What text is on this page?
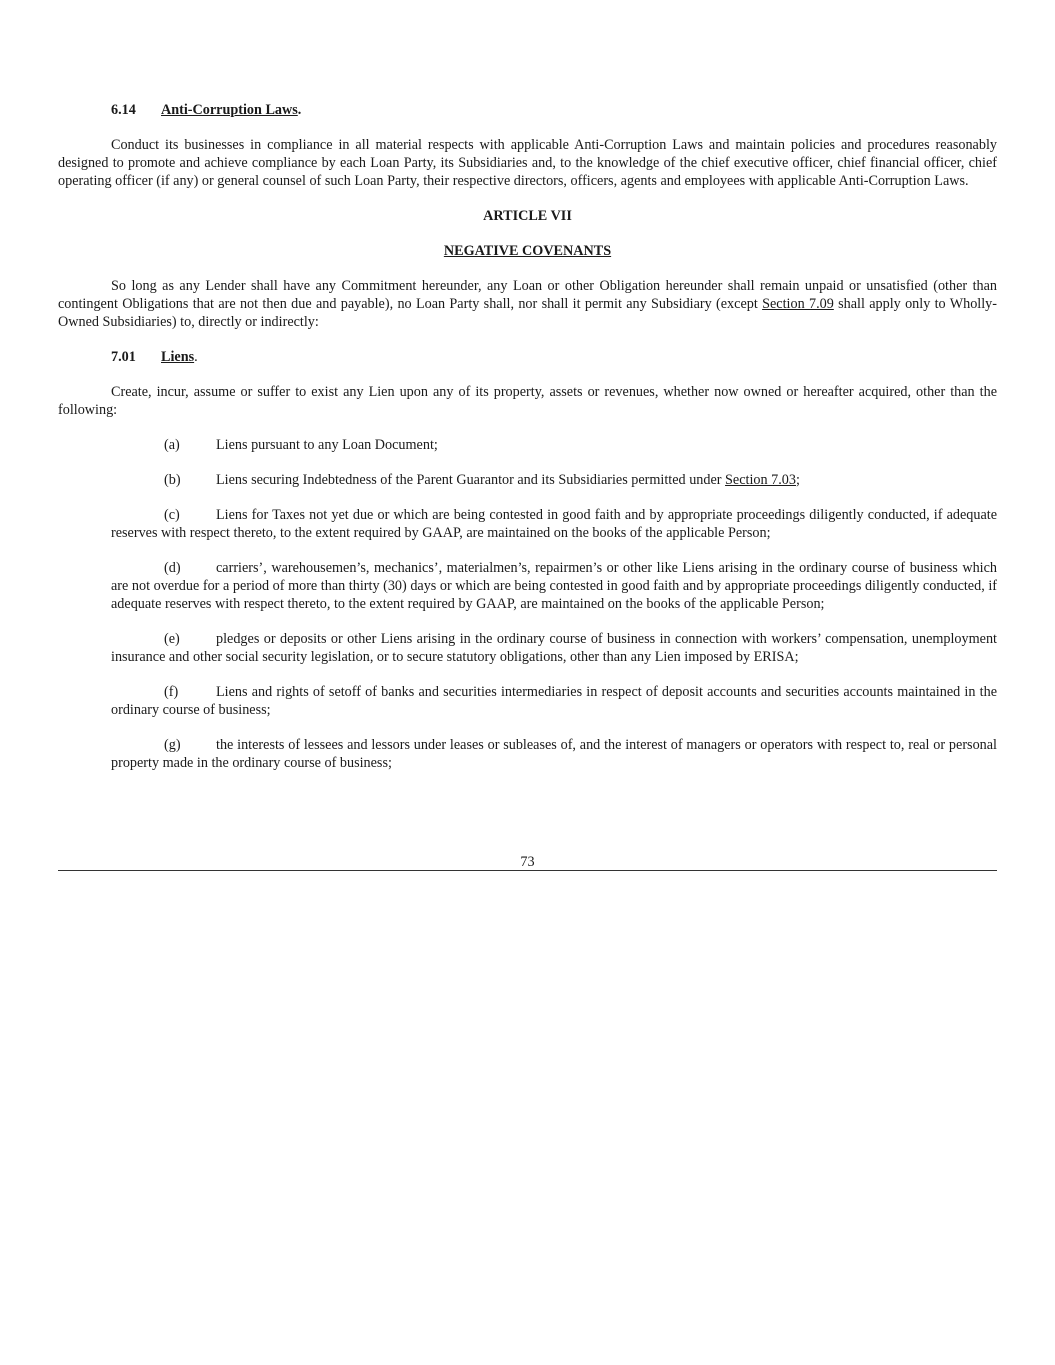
6.14 Anti-Corruption Laws.

Conduct its businesses in compliance in all material respects with applicable Anti-Corruption Laws and maintain policies and procedures reasonably designed to promote and achieve compliance by each Loan Party, its Subsidiaries and, to the knowledge of the chief executive officer, chief financial officer, chief operating officer (if any) or general counsel of such Loan Party, their respective directors, officers, agents and employees with applicable Anti-Corruption Laws.

ARTICLE VII

NEGATIVE COVENANTS

So long as any Lender shall have any Commitment hereunder, any Loan or other Obligation hereunder shall remain unpaid or unsatisfied (other than contingent Obligations that are not then due and payable), no Loan Party shall, nor shall it permit any Subsidiary (except Section 7.09 shall apply only to Wholly-Owned Subsidiaries) to, directly or indirectly:

7.01 Liens.

Create, incur, assume or suffer to exist any Lien upon any of its property, assets or revenues, whether now owned or hereafter acquired, other than the following:

(a)	Liens pursuant to any Loan Document;

(b) Liens securing Indebtedness of the Parent Guarantor and its Subsidiaries permitted under Section 7.03;

(c)	Liens for Taxes not yet due or which are being contested in good faith and by appropriate proceedings diligently conducted, if adequate reserves with respect thereto, to the extent required by GAAP, are maintained on the books of the applicable Person;

(d) carriers’, warehousemen’s, mechanics’, materialmen’s, repairmen’s or other like Liens arising in the ordinary course of business which are not overdue for a period of more than thirty (30) days or which are being contested in good faith and by appropriate proceedings diligently conducted, if adequate reserves with respect thereto, to the extent required by GAAP, are maintained on the books of the applicable Person;

(e)	pledges or deposits or other Liens arising in the ordinary course of business in connection with workers’ compensation, unemployment insurance and other social security legislation, or to secure statutory obligations, other than any Lien imposed by ERISA;

(f)	Liens and rights of setoff of banks and securities intermediaries in respect of deposit accounts and securities accounts maintained in the ordinary course of business;

(g) the interests of lessees and lessors under leases or subleases of, and the interest of managers or operators with respect to, real or personal property made in the ordinary course of business;

73
